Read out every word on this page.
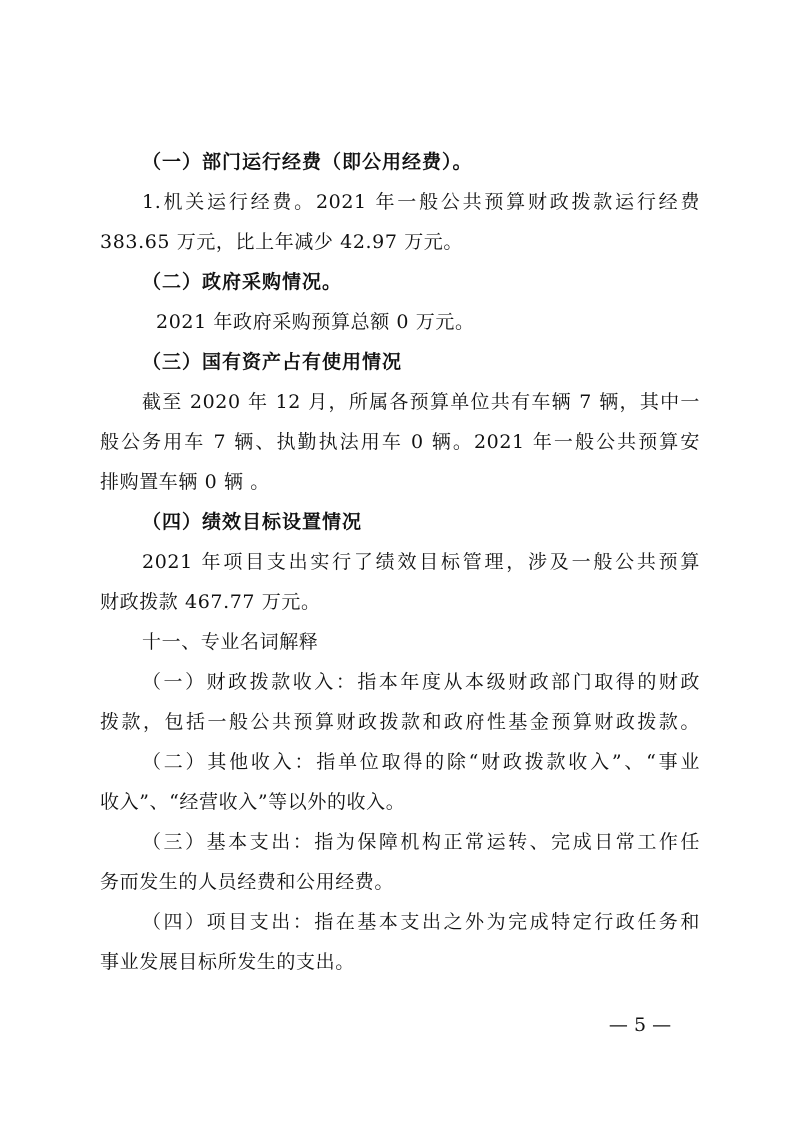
（一）部门运行经费（即公用经费）。
1.机关运行经费。2021 年一般公共预算财政拨款运行经费
383.65 万元，比上年减少 42.97 万元。
（二）政府采购情况。
2021 年政府采购预算总额 0 万元。
（三）国有资产占有使用情况
截至 2020 年 12 月，所属各预算单位共有车辆 7 辆，其中一
般公务用车 7 辆、执勤执法用车 0 辆。2021 年一般公共预算安
排购置车辆 0 辆 。
（四）绩效目标设置情况
2021 年项目支出实行了绩效目标管理，涉及一般公共预算
财政拨款 467.77 万元。
十一、专业名词解释
（一）财政拨款收入：指本年度从本级财政部门取得的财政
拨款，包括一般公共预算财政拨款和政府性基金预算财政拨款。
（二）其他收入：指单位取得的除“财政拨款收入”、“事业
收入”、“经营收入”等以外的收入。
（三）基本支出：指为保障机构正常运转、完成日常工作任
务而发生的人员经费和公用经费。
（四）项目支出：指在基本支出之外为完成特定行政任务和
事业发展目标所发生的支出。
— 5 —
